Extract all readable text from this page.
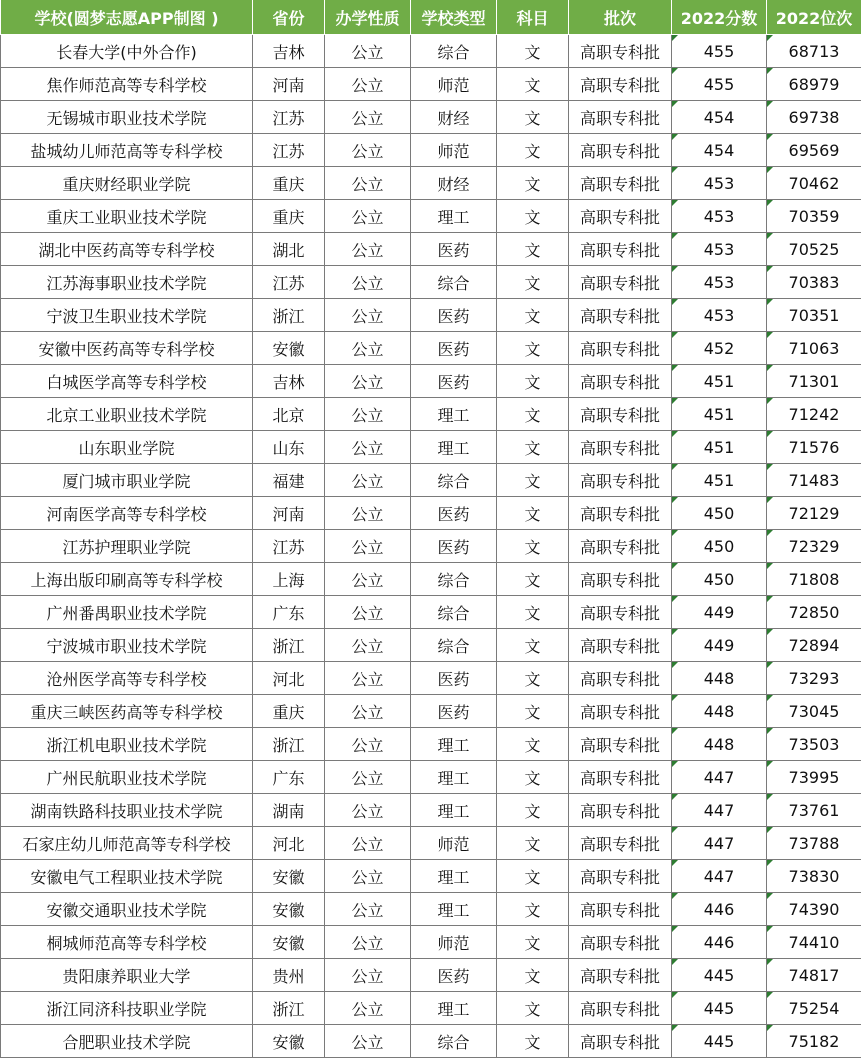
学校(圆梦志愿APP制图 )	省份	办学性质	学校类型	科目	批次	2022分数	2022位次
长春大学(中外合作)	吉林	公立	综合	文	高职专科批	455	68713
焦作师范高等专科学校	河南	公立	师范	文	高职专科批	455	68979
无锡城市职业技术学院	江苏	公立	财经	文	高职专科批	454	69738
盐城幼儿师范高等专科学校	江苏	公立	师范	文	高职专科批	454	69569
重庆财经职业学院	重庆	公立	财经	文	高职专科批	453	70462
重庆工业职业技术学院	重庆	公立	理工	文	高职专科批	453	70359
湖北中医药高等专科学校	湖北	公立	医药	文	高职专科批	453	70525
江苏海事职业技术学院	江苏	公立	综合	文	高职专科批	453	70383
宁波卫生职业技术学院	浙江	公立	医药	文	高职专科批	453	70351
安徽中医药高等专科学校	安徽	公立	医药	文	高职专科批	452	71063
白城医学高等专科学校	吉林	公立	医药	文	高职专科批	451	71301
北京工业职业技术学院	北京	公立	理工	文	高职专科批	451	71242
山东职业学院	山东	公立	理工	文	高职专科批	451	71576
厦门城市职业学院	福建	公立	综合	文	高职专科批	451	71483
河南医学高等专科学校	河南	公立	医药	文	高职专科批	450	72129
江苏护理职业学院	江苏	公立	医药	文	高职专科批	450	72329
上海出版印刷高等专科学校	上海	公立	综合	文	高职专科批	450	71808
广州番禺职业技术学院	广东	公立	综合	文	高职专科批	449	72850
宁波城市职业技术学院	浙江	公立	综合	文	高职专科批	449	72894
沧州医学高等专科学校	河北	公立	医药	文	高职专科批	448	73293
重庆三峡医药高等专科学校	重庆	公立	医药	文	高职专科批	448	73045
浙江机电职业技术学院	浙江	公立	理工	文	高职专科批	448	73503
广州民航职业技术学院	广东	公立	理工	文	高职专科批	447	73995
湖南铁路科技职业技术学院	湖南	公立	理工	文	高职专科批	447	73761
石家庄幼儿师范高等专科学校	河北	公立	师范	文	高职专科批	447	73788
安徽电气工程职业技术学院	安徽	公立	理工	文	高职专科批	447	73830
安徽交通职业技术学院	安徽	公立	理工	文	高职专科批	446	74390
桐城师范高等专科学校	安徽	公立	师范	文	高职专科批	446	74410
贵阳康养职业大学	贵州	公立	医药	文	高职专科批	445	74817
浙江同济科技职业学院	浙江	公立	理工	文	高职专科批	445	75254
合肥职业技术学院	安徽	公立	综合	文	高职专科批	445	75182
